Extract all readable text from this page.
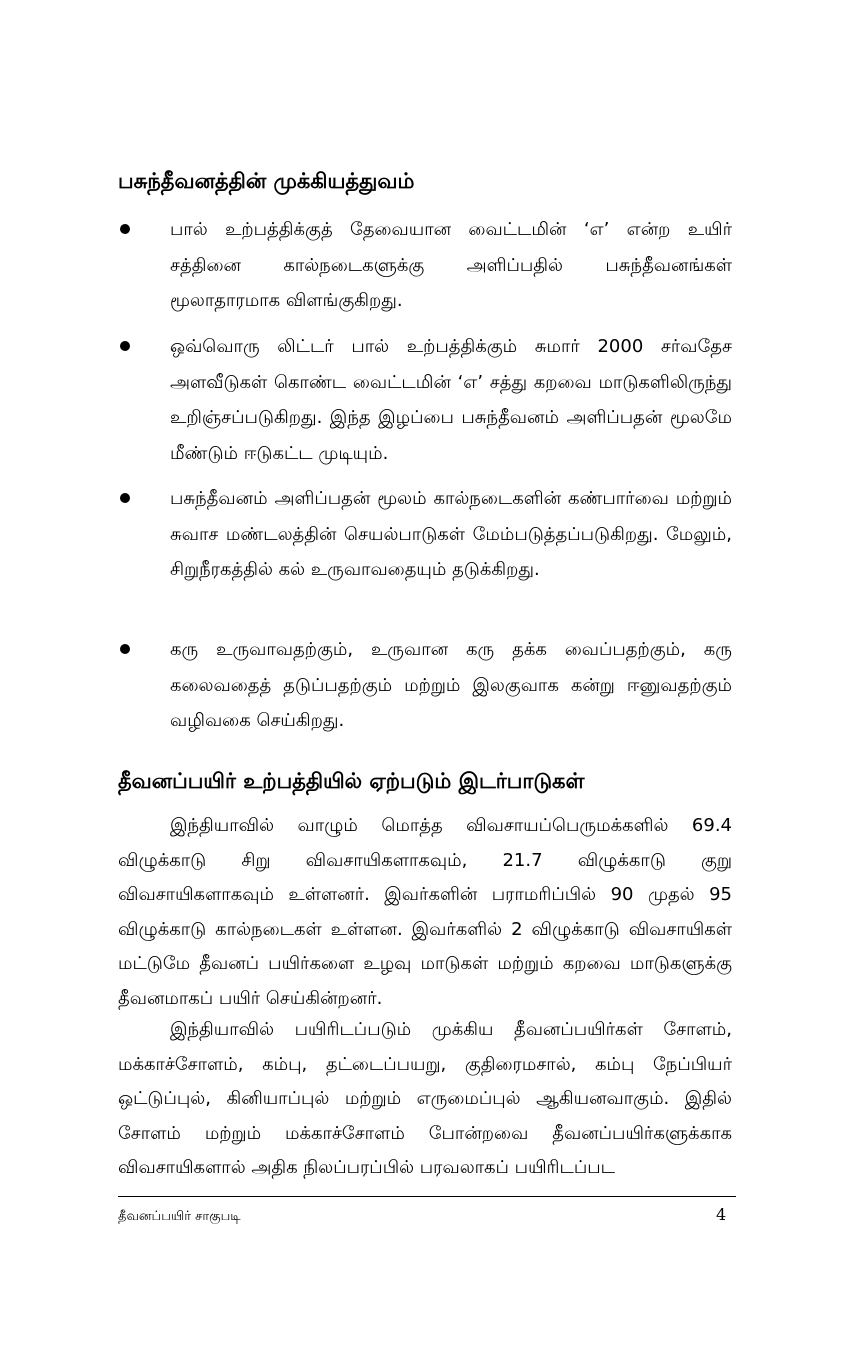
பசுந்தீவனத்தின் முக்கியத்துவம்
பால் உற்பத்திக்குத் தேவையான வைட்டமின் ‘எ’ என்ற உயிர் சத்தினை கால்நடைகளுக்கு அளிப்பதில் பசுந்தீவனங்கள் மூலாதாரமாக விளங்குகிறது.
ஒவ்வொரு லிட்டர் பால் உற்பத்திக்கும் சுமார் 2000 சர்வதேச அளவீடுகள் கொண்ட வைட்டமின் ‘எ’ சத்து கறவை மாடுகளிலிருந்து உறிஞ்சப்படுகிறது. இந்த இழப்பை பசுந்தீவனம் அளிப்பதன் மூலமே மீண்டும் ஈடுகட்ட முடியும்.
பசுந்தீவனம் அளிப்பதன் மூலம் கால்நடைகளின் கண்பார்வை மற்றும் சுவாச மண்டலத்தின் செயல்பாடுகள் மேம்படுத்தப்படுகிறது. மேலும், சிறுநீரகத்தில் கல் உருவாவதையும் தடுக்கிறது.
கரு உருவாவதற்கும், உருவான கரு தக்க வைப்பதற்கும், கரு கலைவதைத் தடுப்பதற்கும் மற்றும் இலகுவாக கன்று ஈனுவதற்கும் வழிவகை செய்கிறது.
தீவனப்பயிர் உற்பத்தியில் ஏற்படும் இடர்பாடுகள்

இந்தியாவில் வாழும் மொத்த விவசாயப்பெருமக்களில் 69.4 விழுக்காடு சிறு விவசாயிகளாகவும், 21.7 விழுக்காடு குறு விவசாயிகளாகவும் உள்ளனர். இவர்களின் பராமரிப்பில் 90 முதல் 95 விழுக்காடு கால்நடைகள் உள்ளன. இவர்களில் 2 விழுக்காடு விவசாயிகள் மட்டுமே தீவனப் பயிர்களை உழவு மாடுகள் மற்றும் கறவை மாடுகளுக்கு தீவனமாகப் பயிர் செய்கின்றனர்.

இந்தியாவில் பயிரிடப்படும் முக்கிய தீவனப்பயிர்கள் சோளம், மக்காச்சோளம், கம்பு, தட்டைப்பயறு, குதிரைமசால், கம்பு நேப்பியர் ஒட்டுப்புல், கினியாப்புல் மற்றும் எருமைப்புல் ஆகியனவாகும். இதில் சோளம் மற்றும் மக்காச்சோளம் போன்றவை தீவனப்பயிர்களுக்காக விவசாயிகளால் அதிக நிலப்பரப்பில் பரவலாகப் பயிரிடப்பட

தீவனப்பயிர் சாகுபடி	4
